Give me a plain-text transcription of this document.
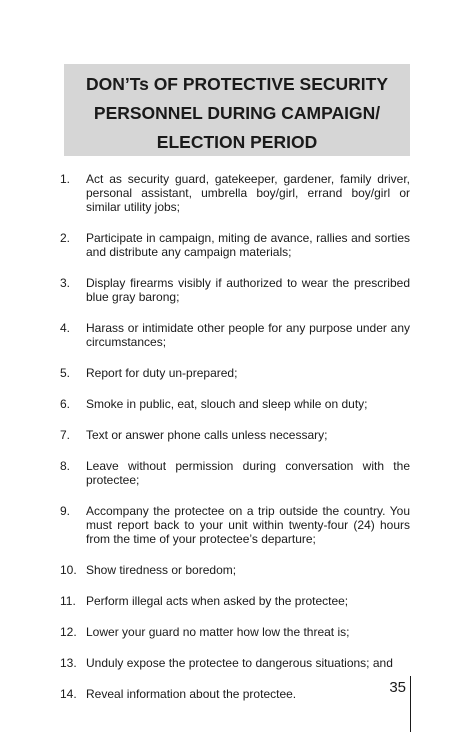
DON’Ts OF PROTECTIVE SECURITY
PERSONNEL DURING CAMPAIGN/
ELECTION PERIOD
1.	Act as security guard, gatekeeper, gardener, family driver, personal assistant, umbrella boy/girl, errand boy/girl or similar utility jobs;
2.	Participate in campaign, miting de avance, rallies and sorties and distribute any campaign materials;
3.	Display firearms visibly if authorized to wear the prescribed blue gray barong;
4.	Harass or intimidate other people for any purpose under any circumstances;
5.	Report for duty un-prepared;
6.	Smoke in public, eat, slouch and sleep while on duty;
7.	Text or answer phone calls unless necessary;
8.	Leave without permission during conversation with the protectee;
9.	Accompany the protectee on a trip outside the country. You must report back to your unit within twenty-four (24) hours from the time of your protectee’s departure;
10. Show tiredness or boredom;
11. Perform illegal acts when asked by the protectee;
12. Lower your guard no matter how low the threat is;
13. Unduly expose the protectee to dangerous situations; and
14. Reveal information about the protectee.	35
